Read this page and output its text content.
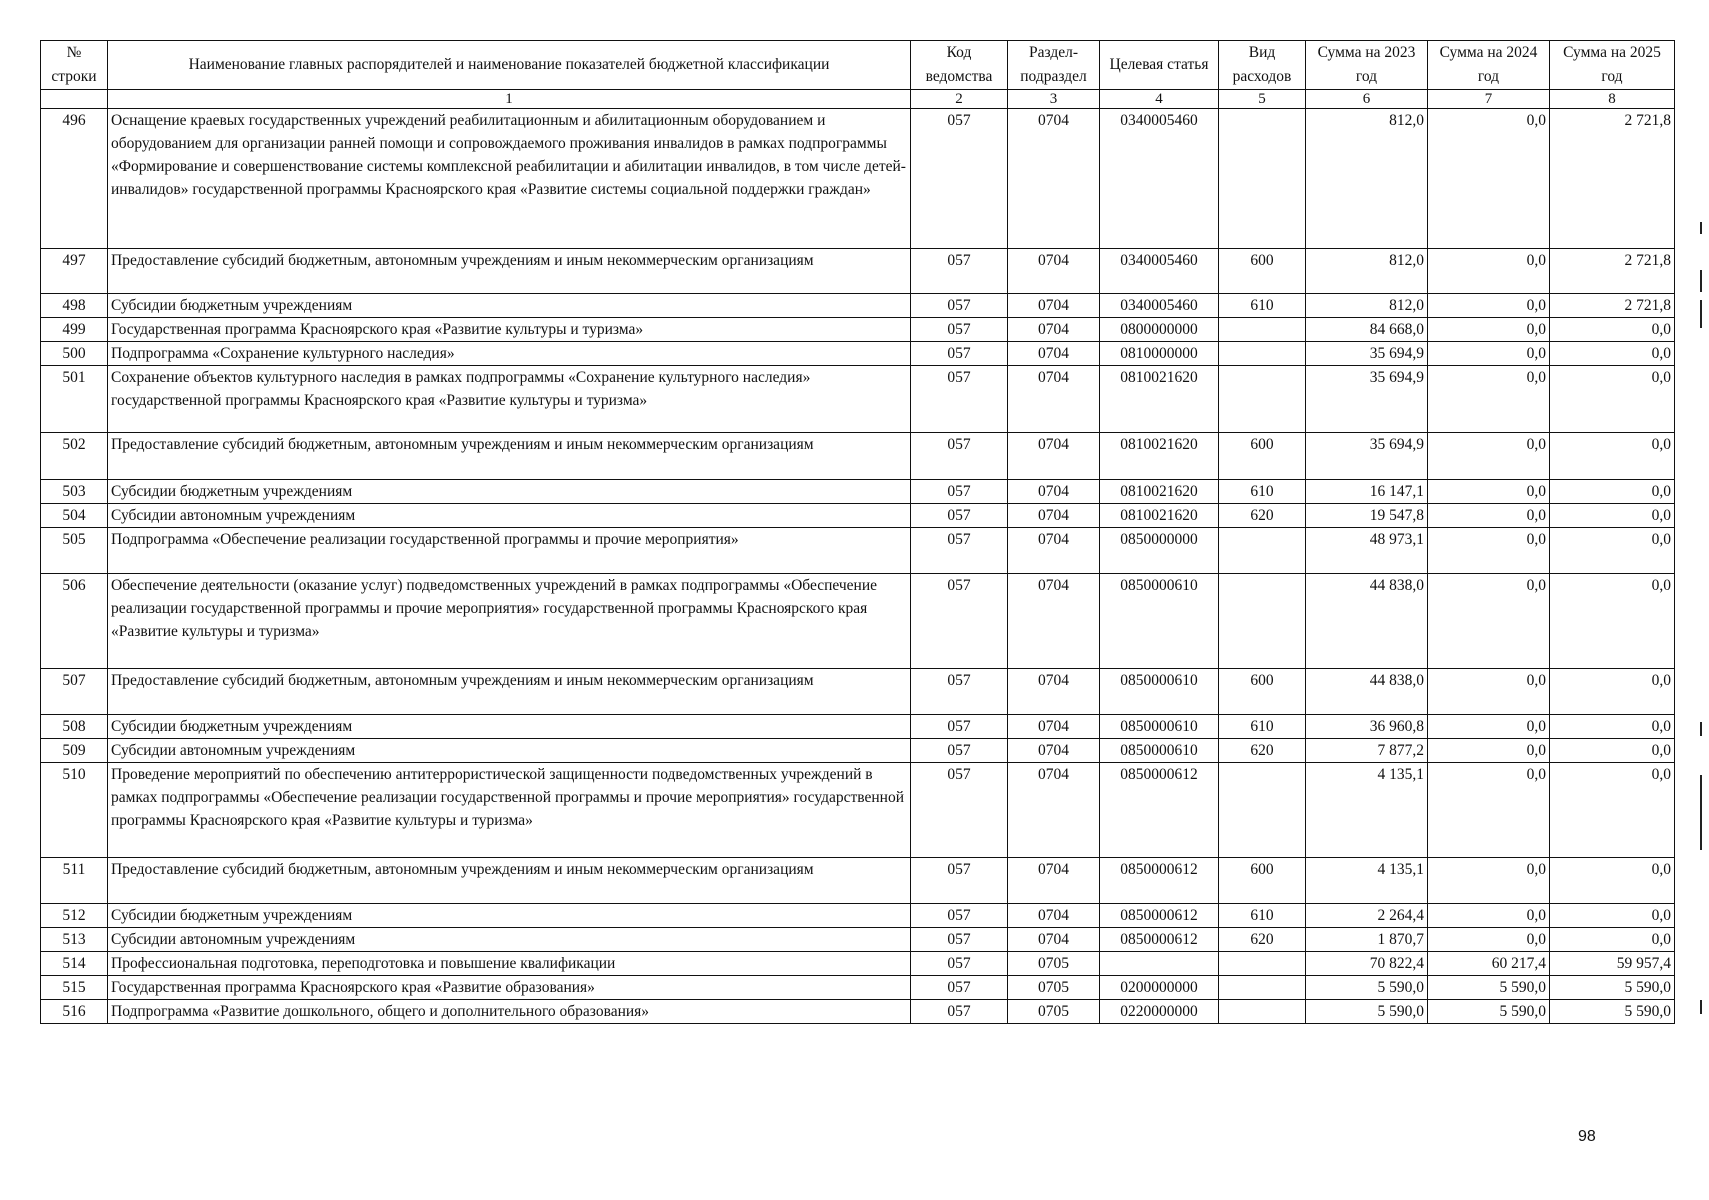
№ строки	Наименование главных распорядителей и наименование показателей бюджетной классификации	Код ведомства	Раздел-подраздел	Целевая статья	Вид расходов	Сумма на 2023 год	Сумма на 2024 год	Сумма на 2025 год
	1	2	3	4	5	6	7	8
496	Оснащение краевых государственных учреждений реабилитационным и абилитационным оборудованием и оборудованием для организации ранней помощи и сопровождаемого проживания инвалидов в рамках подпрограммы «Формирование и совершенствование системы комплексной реабилитации и абилитации инвалидов, в том числе детей-инвалидов» государственной программы Красноярского края «Развитие системы социальной поддержки граждан»	057	0704	0340005460		812,0	0,0	2 721,8
497	Предоставление субсидий бюджетным, автономным учреждениям и иным некоммерческим организациям	057	0704	0340005460	600	812,0	0,0	2 721,8
498	Субсидии бюджетным учреждениям	057	0704	0340005460	610	812,0	0,0	2 721,8
499	Государственная программа Красноярского края «Развитие культуры и туризма»	057	0704	0800000000		84 668,0	0,0	0,0
500	Подпрограмма «Сохранение культурного наследия»	057	0704	0810000000		35 694,9	0,0	0,0
501	Сохранение объектов культурного наследия в рамках подпрограммы «Сохранение культурного наследия» государственной программы Красноярского края «Развитие культуры и туризма»	057	0704	0810021620		35 694,9	0,0	0,0
502	Предоставление субсидий бюджетным, автономным учреждениям и иным некоммерческим организациям	057	0704	0810021620	600	35 694,9	0,0	0,0
503	Субсидии бюджетным учреждениям	057	0704	0810021620	610	16 147,1	0,0	0,0
504	Субсидии автономным учреждениям	057	0704	0810021620	620	19 547,8	0,0	0,0
505	Подпрограмма «Обеспечение реализации государственной программы и прочие мероприятия»	057	0704	0850000000		48 973,1	0,0	0,0
506	Обеспечение деятельности (оказание услуг) подведомственных учреждений в рамках подпрограммы «Обеспечение реализации государственной программы и прочие мероприятия» государственной программы Красноярского края «Развитие культуры и туризма»	057	0704	0850000610		44 838,0	0,0	0,0
507	Предоставление субсидий бюджетным, автономным учреждениям и иным некоммерческим организациям	057	0704	0850000610	600	44 838,0	0,0	0,0
508	Субсидии бюджетным учреждениям	057	0704	0850000610	610	36 960,8	0,0	0,0
509	Субсидии автономным учреждениям	057	0704	0850000610	620	7 877,2	0,0	0,0
510	Проведение мероприятий по обеспечению антитеррористической защищенности подведомственных учреждений в рамках подпрограммы «Обеспечение реализации государственной программы и прочие мероприятия» государственной программы Красноярского края «Развитие культуры и туризма»	057	0704	0850000612		4 135,1	0,0	0,0
511	Предоставление субсидий бюджетным, автономным учреждениям и иным некоммерческим организациям	057	0704	0850000612	600	4 135,1	0,0	0,0
512	Субсидии бюджетным учреждениям	057	0704	0850000612	610	2 264,4	0,0	0,0
513	Субсидии автономным учреждениям	057	0704	0850000612	620	1 870,7	0,0	0,0
514	Профессиональная подготовка, переподготовка и повышение квалификации	057	0705			70 822,4	60 217,4	59 957,4
515	Государственная программа Красноярского края «Развитие образования»	057	0705	0200000000		5 590,0	5 590,0	5 590,0
516	Подпрограмма «Развитие дошкольного, общего и дополнительного образования»	057	0705	0220000000		5 590,0	5 590,0	5 590,0
98
